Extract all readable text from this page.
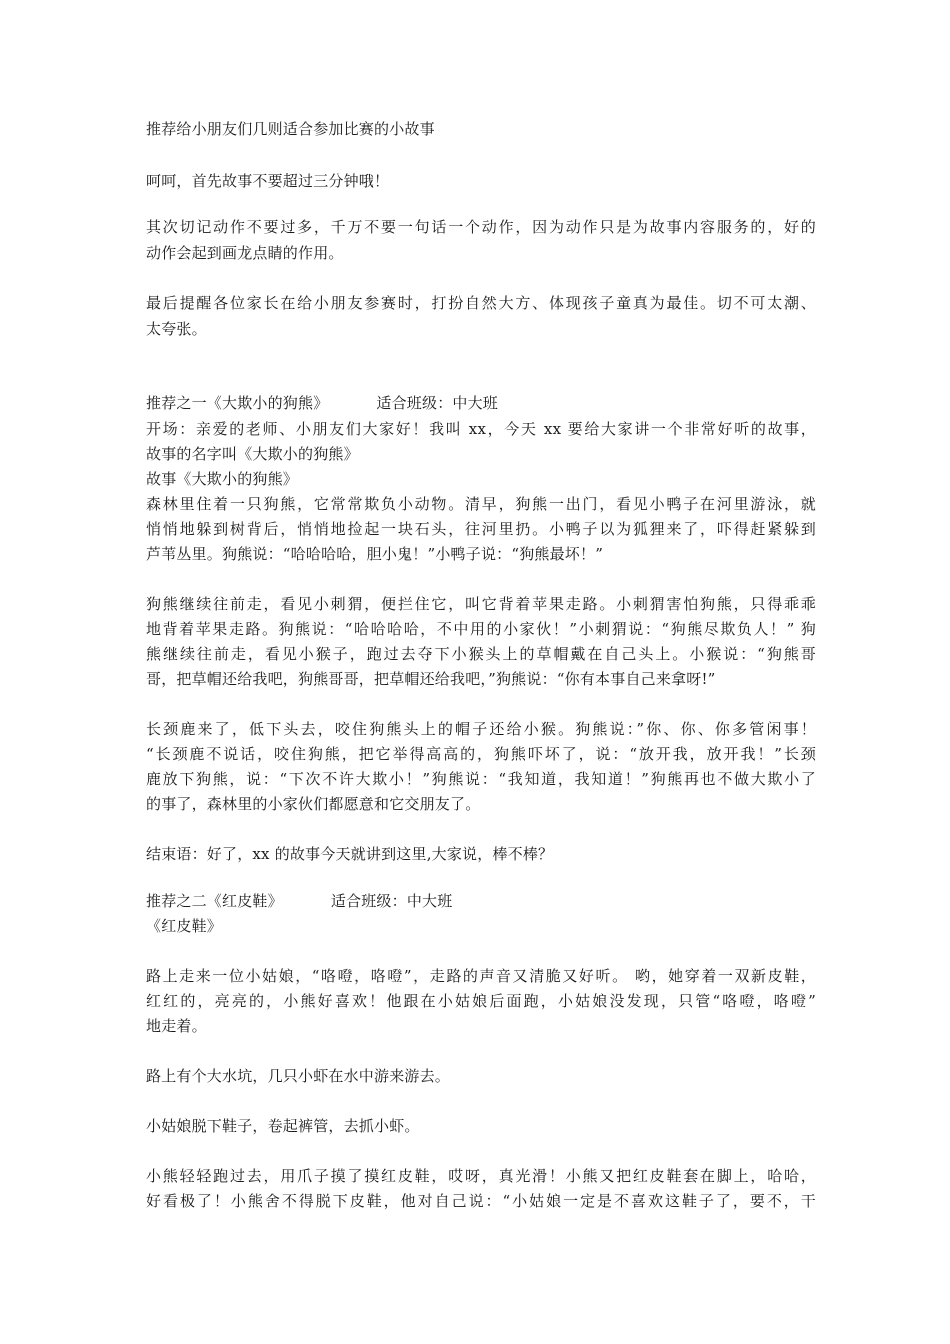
推荐给小朋友们几则适合参加比赛的小故事
呵呵，首先故事不要超过三分钟哦！
其次切记动作不要过多，千万不要一句话一个动作，因为动作只是为故事内容服务的，好的
动作会起到画龙点睛的作用。
最后提醒各位家长在给小朋友参赛时，打扮自然大方、体现孩子童真为最佳。切不可太潮、
太夸张。
推荐之一《大欺小的狗熊》	适合班级：中大班
开场：亲爱的老师、小朋友们大家好！我叫 xx，今天 xx 要给大家讲一个非常好听的故事，
故事的名字叫《大欺小的狗熊》
故事《大欺小的狗熊》
森林里住着一只狗熊，它常常欺负小动物。清早，狗熊一出门，看见小鸭子在河里游泳，就
悄悄地躲到树背后，悄悄地捡起一块石头，往河里扔。小鸭子以为狐狸来了，吓得赶紧躲到
芦苇丛里。狗熊说：“哈哈哈哈，胆小鬼！”小鸭子说：“狗熊最坏！”
狗熊继续往前走，看见小刺猬，便拦住它，叫它背着苹果走路。小刺猬害怕狗熊，只得乖乖
地背着苹果走路。狗熊说：“哈哈哈哈，不中用的小家伙！”小刺猬说：“狗熊尽欺负人！” 狗
熊继续往前走，看见小猴子，跑过去夺下小猴头上的草帽戴在自己头上。小猴说：“狗熊哥
哥，把草帽还给我吧，狗熊哥哥，把草帽还给我吧，”狗熊说：“你有本事自己来拿呀!”
长颈鹿来了，低下头去，咬住狗熊头上的帽子还给小猴。狗熊说：”你、你、你多管闲事！
“长颈鹿不说话，咬住狗熊，把它举得高高的，狗熊吓坏了，说：“放开我，放开我！”长颈
鹿放下狗熊，说：“下次不许大欺小！”狗熊说：“我知道，我知道！”狗熊再也不做大欺小了
的事了，森林里的小家伙们都愿意和它交朋友了。
结束语：好了，xx 的故事今天就讲到这里,大家说，棒不棒？
推荐之二《红皮鞋》	适合班级：中大班
《红皮鞋》
路上走来一位小姑娘，“咯噔，咯噔”，走路的声音又清脆又好听。 哟，她穿着一双新皮鞋，
红红的，亮亮的，小熊好喜欢！他跟在小姑娘后面跑，小姑娘没发现，只管“咯噔，咯噔”
地走着。
路上有个大水坑，几只小虾在水中游来游去。
小姑娘脱下鞋子，卷起裤管，去抓小虾。
小熊轻轻跑过去，用爪子摸了摸红皮鞋，哎呀，真光滑！小熊又把红皮鞋套在脚上，哈哈，
好看极了！小熊舍不得脱下皮鞋，他对自己说：“小姑娘一定是不喜欢这鞋子了，要不，干
